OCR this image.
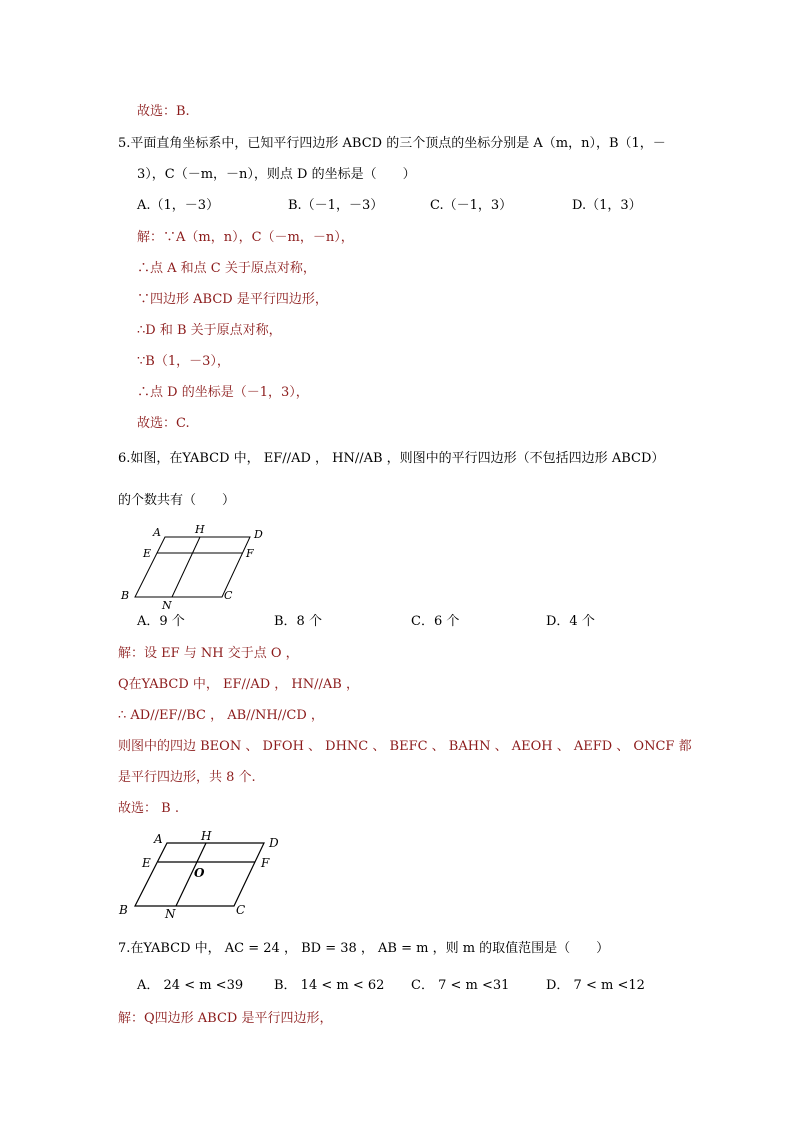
故选：B.
5.平面直角坐标系中，已知平行四边形 ABCD 的三个顶点的坐标分别是 A（m，n），B（1，－
3），C（－m，－n），则点 D 的坐标是（　　）
A.（1，－3）	B.（－1，－3）	C.（－1，3）	D.（1，3）
解：∵A（m，n），C（－m，－n），
∴点 A 和点 C 关于原点对称，
∵四边形 ABCD 是平行四边形，
∴D 和 B 关于原点对称，
∵B（1，－3），
∴点 D 的坐标是（－1，3），
故选：C.
6.如图，在YABCD 中， EF//AD ， HN//AB ，则图中的平行四边形（不包括四边形 ABCD）
的个数共有（　　）
A	H	D
E	F
B
N
C
A．9 个	B．8 个	C．6 个	D．4 个
解：设 EF 与 NH 交于点 O ，
Q在YABCD 中， EF//AD ， HN//AB ，
∴ AD//EF//BC ， AB//NH//CD ，
则图中的四边 BEON 、 DFOH 、 DHNC 、 BEFC 、 BAHN 、 AEOH 、 AEFD 、 ONCF 都
是平行四边形，共 8 个.
故选： B .
A	H	D
E
O
F
B	N	C
7.在YABCD 中， AC = 24 ， BD = 38 ， AB = m ，则 m 的取值范围是（　　）
A． 24 < m <39 B． 14 < m < 62 C． 7 < m <31	D． 7 < m <12
解：Q四边形 ABCD 是平行四边形，
